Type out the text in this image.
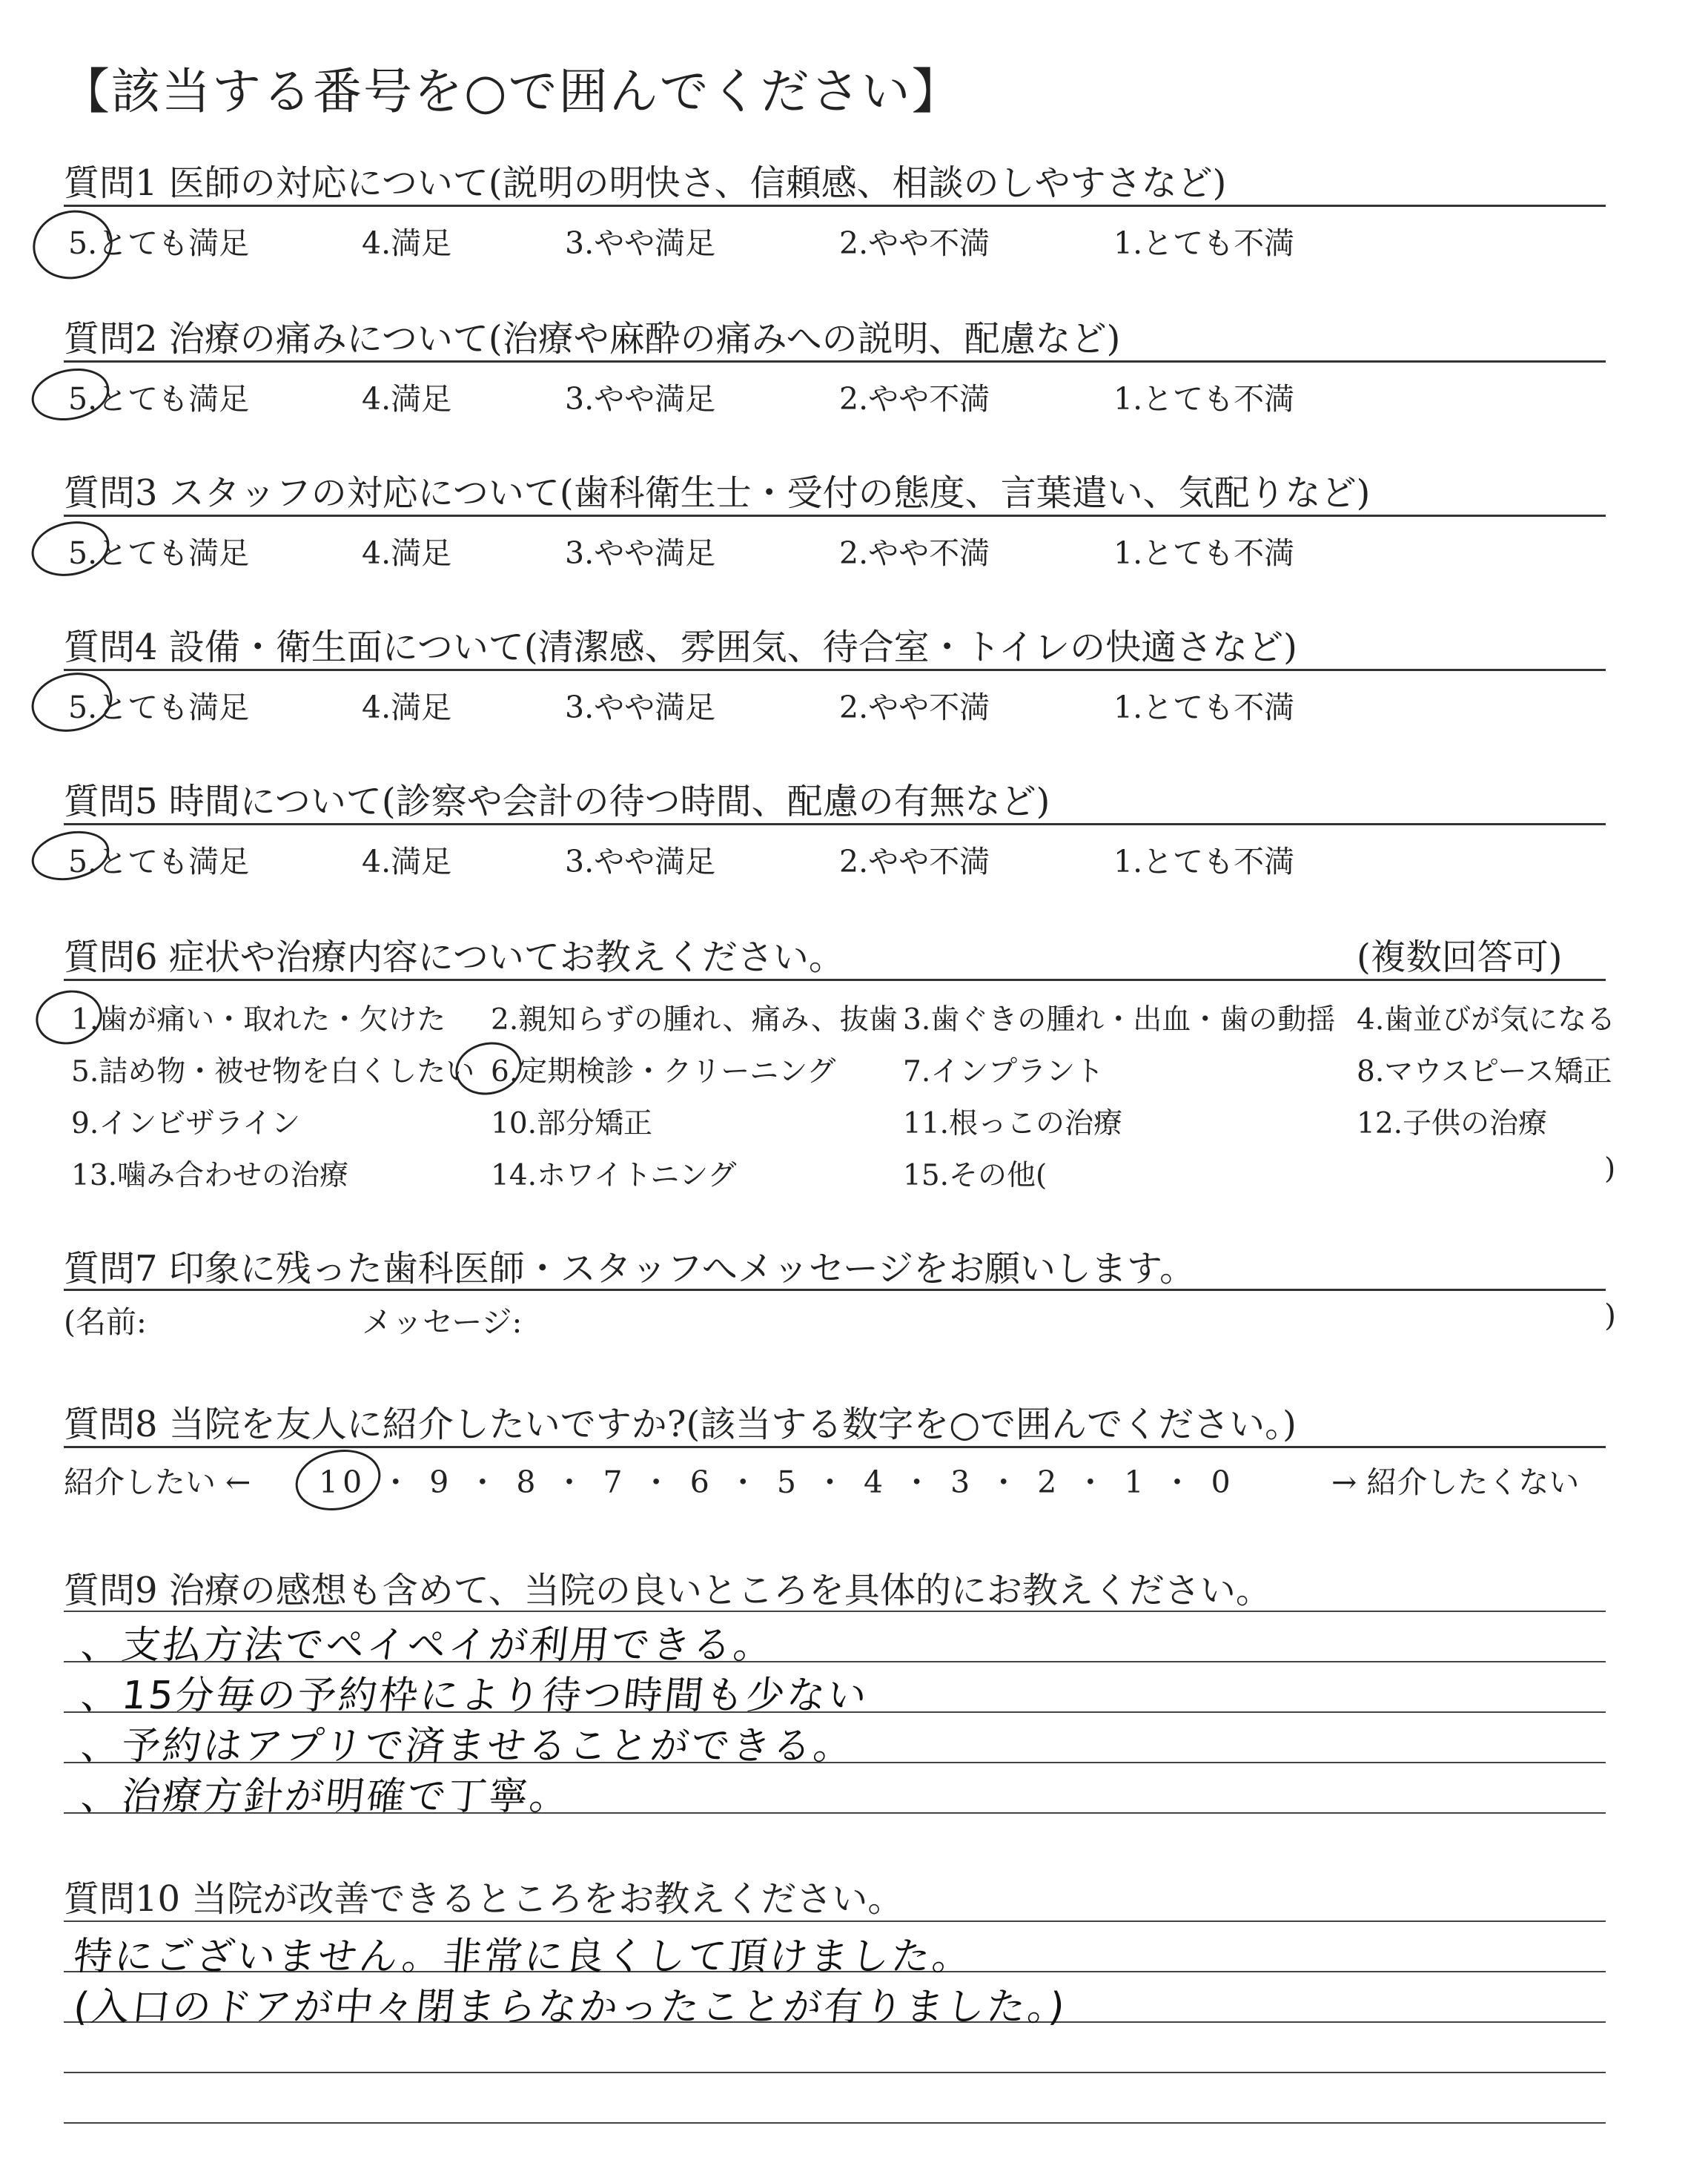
【該当する番号を○で囲んでください】
質問1 医師の対応について(説明の明快さ、信頼感、相談のしやすさなど)
5.とても満足	4.満足	3.やや満足	2.やや不満	1.とても不満
質問2 治療の痛みについて(治療や麻酔の痛みへの説明、配慮など)
5.とても満足	4.満足	3.やや満足	2.やや不満	1.とても不満
質問3 スタッフの対応について(歯科衛生士・受付の態度、言葉遣い、気配りなど)
5.とても満足	4.満足	3.やや満足	2.やや不満	1.とても不満
質問4 設備・衛生面について(清潔感、雰囲気、待合室・トイレの快適さなど)
5.とても満足	4.満足	3.やや満足	2.やや不満	1.とても不満
質問5 時間について(診察や会計の待つ時間、配慮の有無など)
5.とても満足	4.満足	3.やや満足	2.やや不満	1.とても不満
質問6 症状や治療内容についてお教えください。	(複数回答可)
1.歯が痛い・取れた・欠けた 2.親知らずの腫れ、痛み、抜歯 3.歯ぐきの腫れ・出血・歯の動揺 4.歯並びが気になる
5.詰め物・被せ物を白くしたい 6.定期検診・クリーニング 7.インプラント	8.マウスピース矯正
9.インビザライン	10.部分矯正	11.根っこの治療	12.子供の治療
13.噛み合わせの治療	14.ホワイトニング	15.その他(	)
質問7 印象に残った歯科医師・スタッフへメッセージをお願いします。
(名前:	メッセージ:	)
質問8 当院を友人に紹介したいですか?(該当する数字を○で囲んでください。)
紹介したい ← 10 ・ 9 ・ 8 ・ 7 ・ 6 ・ 5 ・ 4 ・ 3 ・ 2 ・ 1 ・ 0	→ 紹介したくない
質問9 治療の感想も含めて、当院の良いところを具体的にお教えください。
、支払方法でペイペイが利用できる。
、15分毎の予約枠により待つ時間も少ない
、予約はアプリで済ませることができる。
、治療方針が明確で丁寧。
質問10 当院が改善できるところをお教えください。
特にございません。非常に良くして頂けました。
(入口のドアが中々閉まらなかったことが有りました。)
